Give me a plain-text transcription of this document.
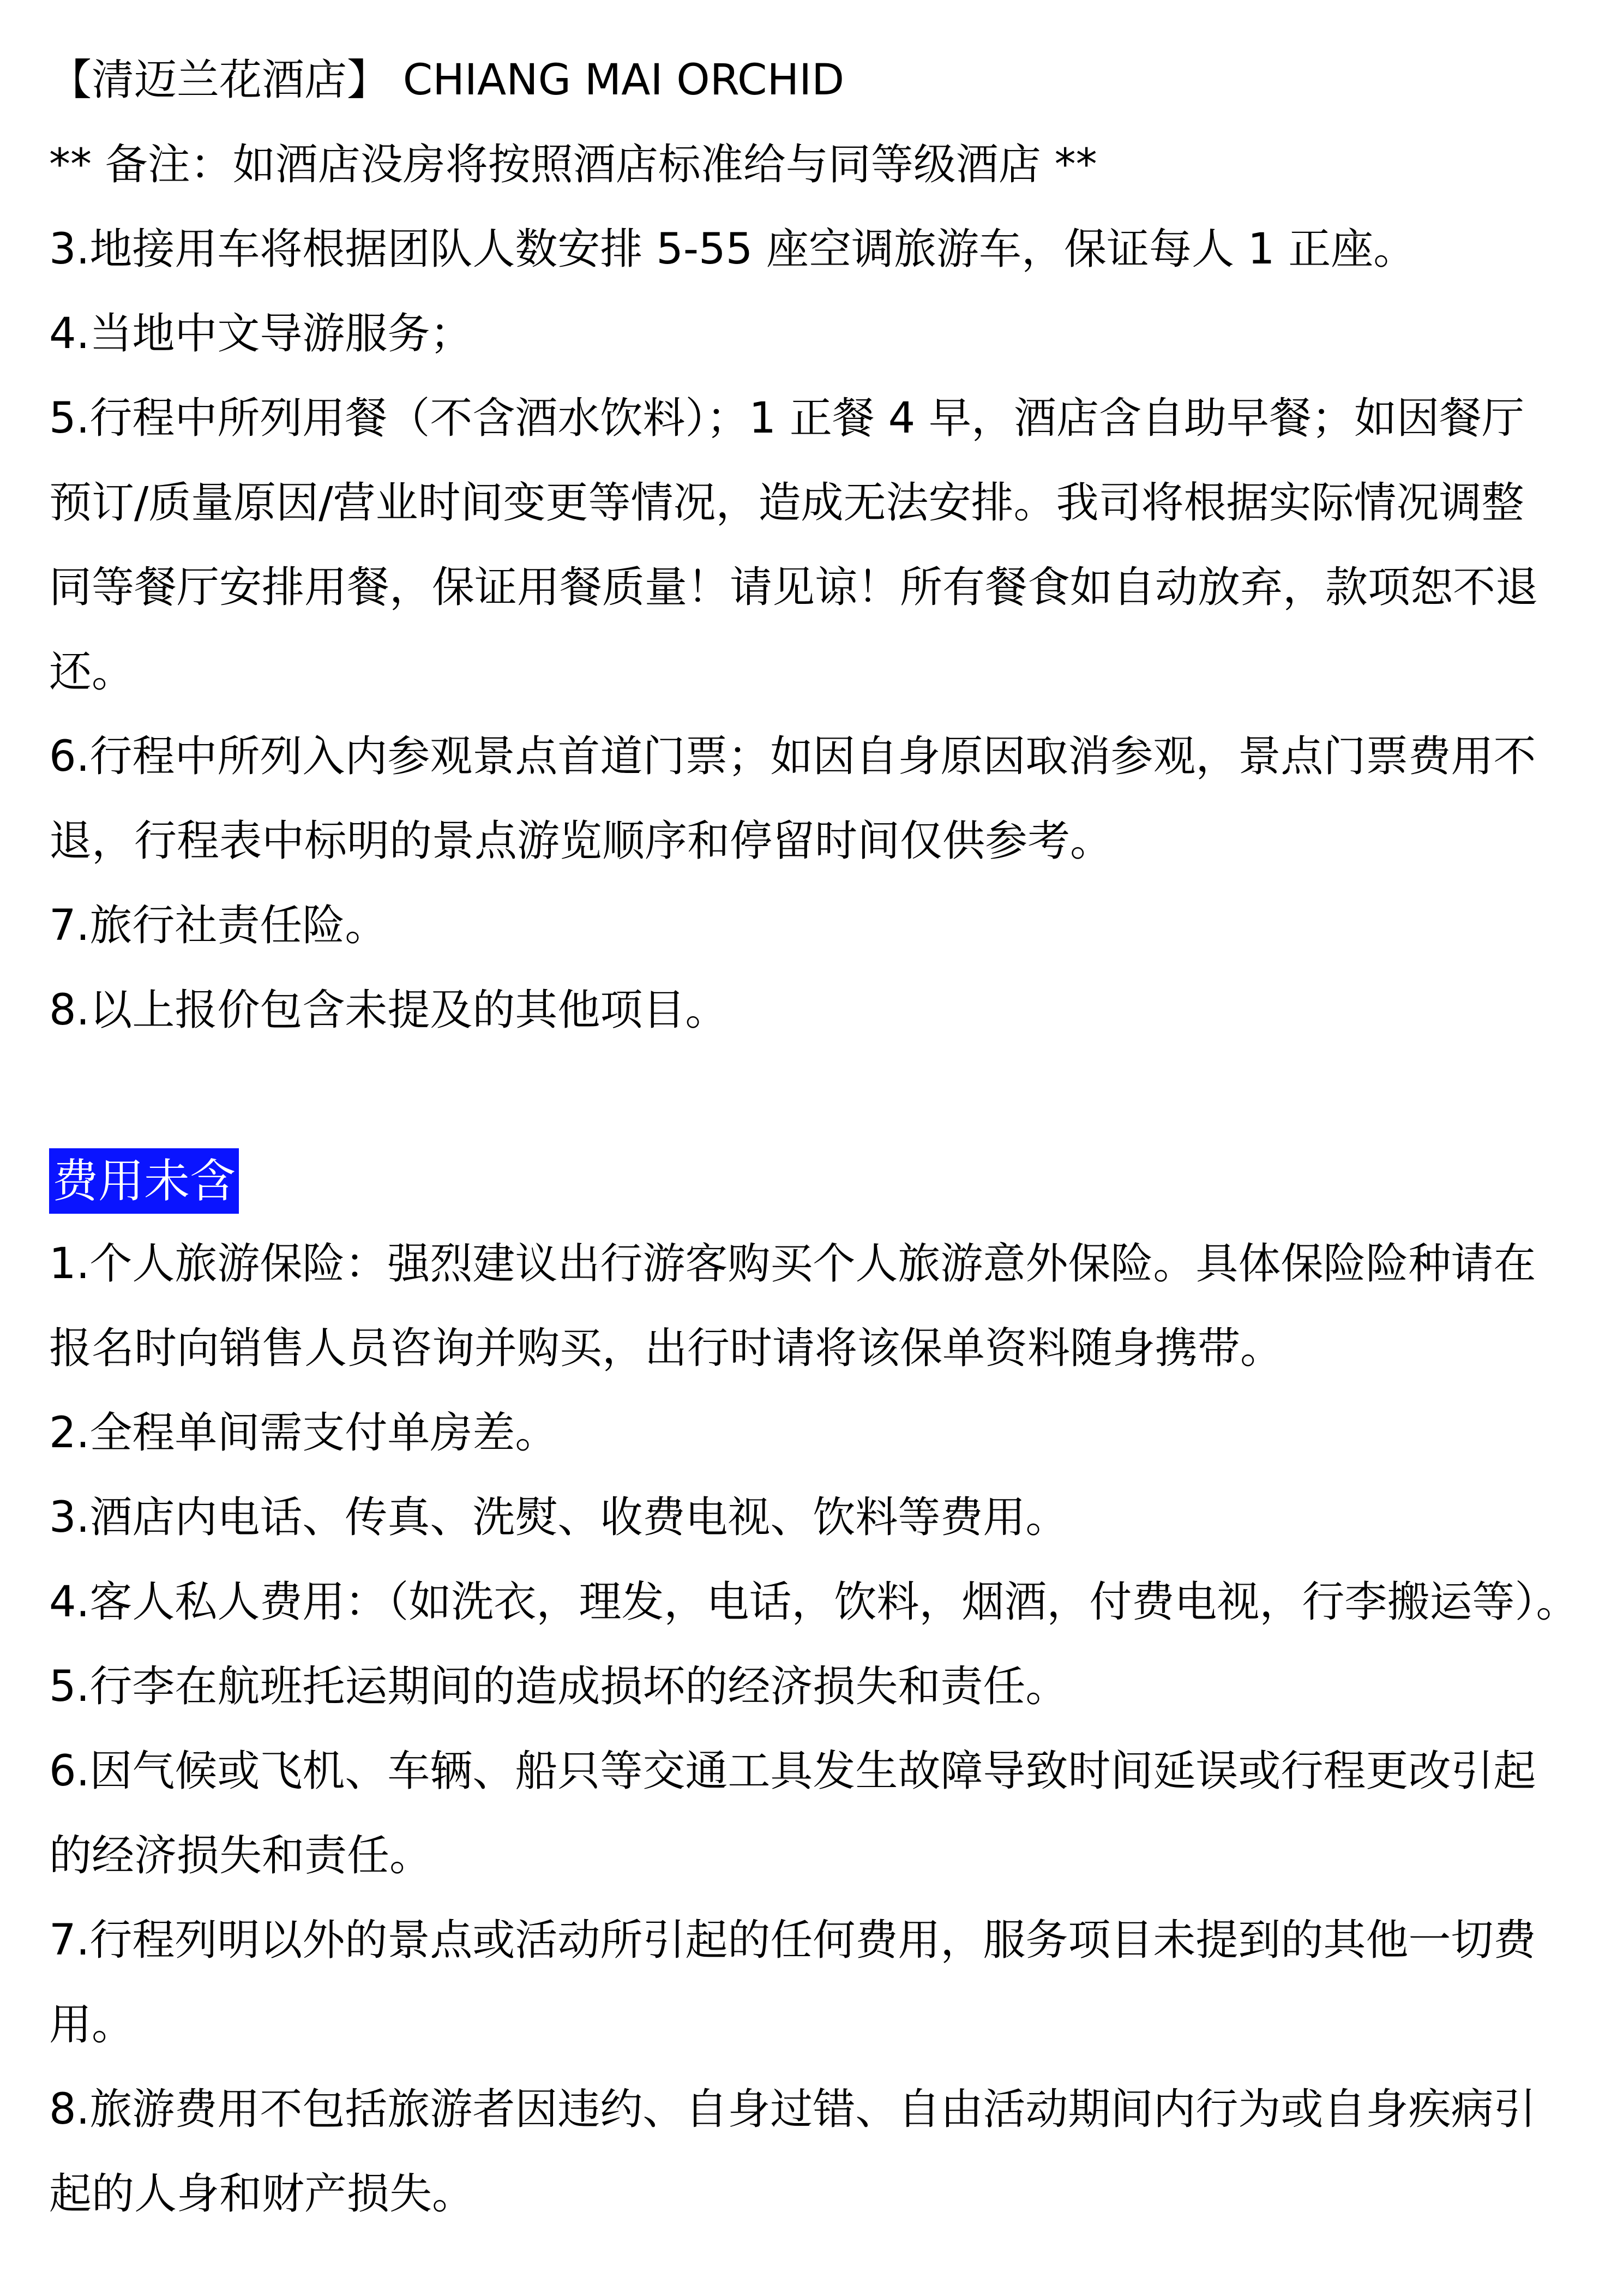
【清迈兰花酒店】 CHIANG MAI ORCHID
** 备注：如酒店没房将按照酒店标准给与同等级酒店 **
3.地接用车将根据团队人数安排 5-55 座空调旅游车，保证每人 1 正座。
4.当地中文导游服务；
5.行程中所列用餐（不含酒水饮料）；1 正餐 4 早，酒店含自助早餐；如因餐厅
预订/质量原因/营业时间变更等情况，造成无法安排。我司将根据实际情况调整
同等餐厅安排用餐，保证用餐质量！请见谅！所有餐食如自动放弃，款项恕不退
还。
6.行程中所列入内参观景点首道门票；如因自身原因取消参观，景点门票费用不
退，行程表中标明的景点游览顺序和停留时间仅供参考。
7.旅行社责任险。
8.以上报价包含未提及的其他项目。
费用未含
1.个人旅游保险：强烈建议出行游客购买个人旅游意外保险。具体保险险种请在
报名时向销售人员咨询并购买，出行时请将该保单资料随身携带。
2.全程单间需支付单房差。
3.酒店内电话、传真、洗熨、收费电视、饮料等费用。
4.客人私人费用：（如洗衣，理发，电话，饮料，烟酒，付费电视，行李搬运等）。
5.行李在航班托运期间的造成损坏的经济损失和责任。
6.因气候或飞机、车辆、船只等交通工具发生故障导致时间延误或行程更改引起
的经济损失和责任。
7.行程列明以外的景点或活动所引起的任何费用，服务项目未提到的其他一切费
用。
8.旅游费用不包括旅游者因违约、自身过错、自由活动期间内行为或自身疾病引
起的人身和财产损失。
